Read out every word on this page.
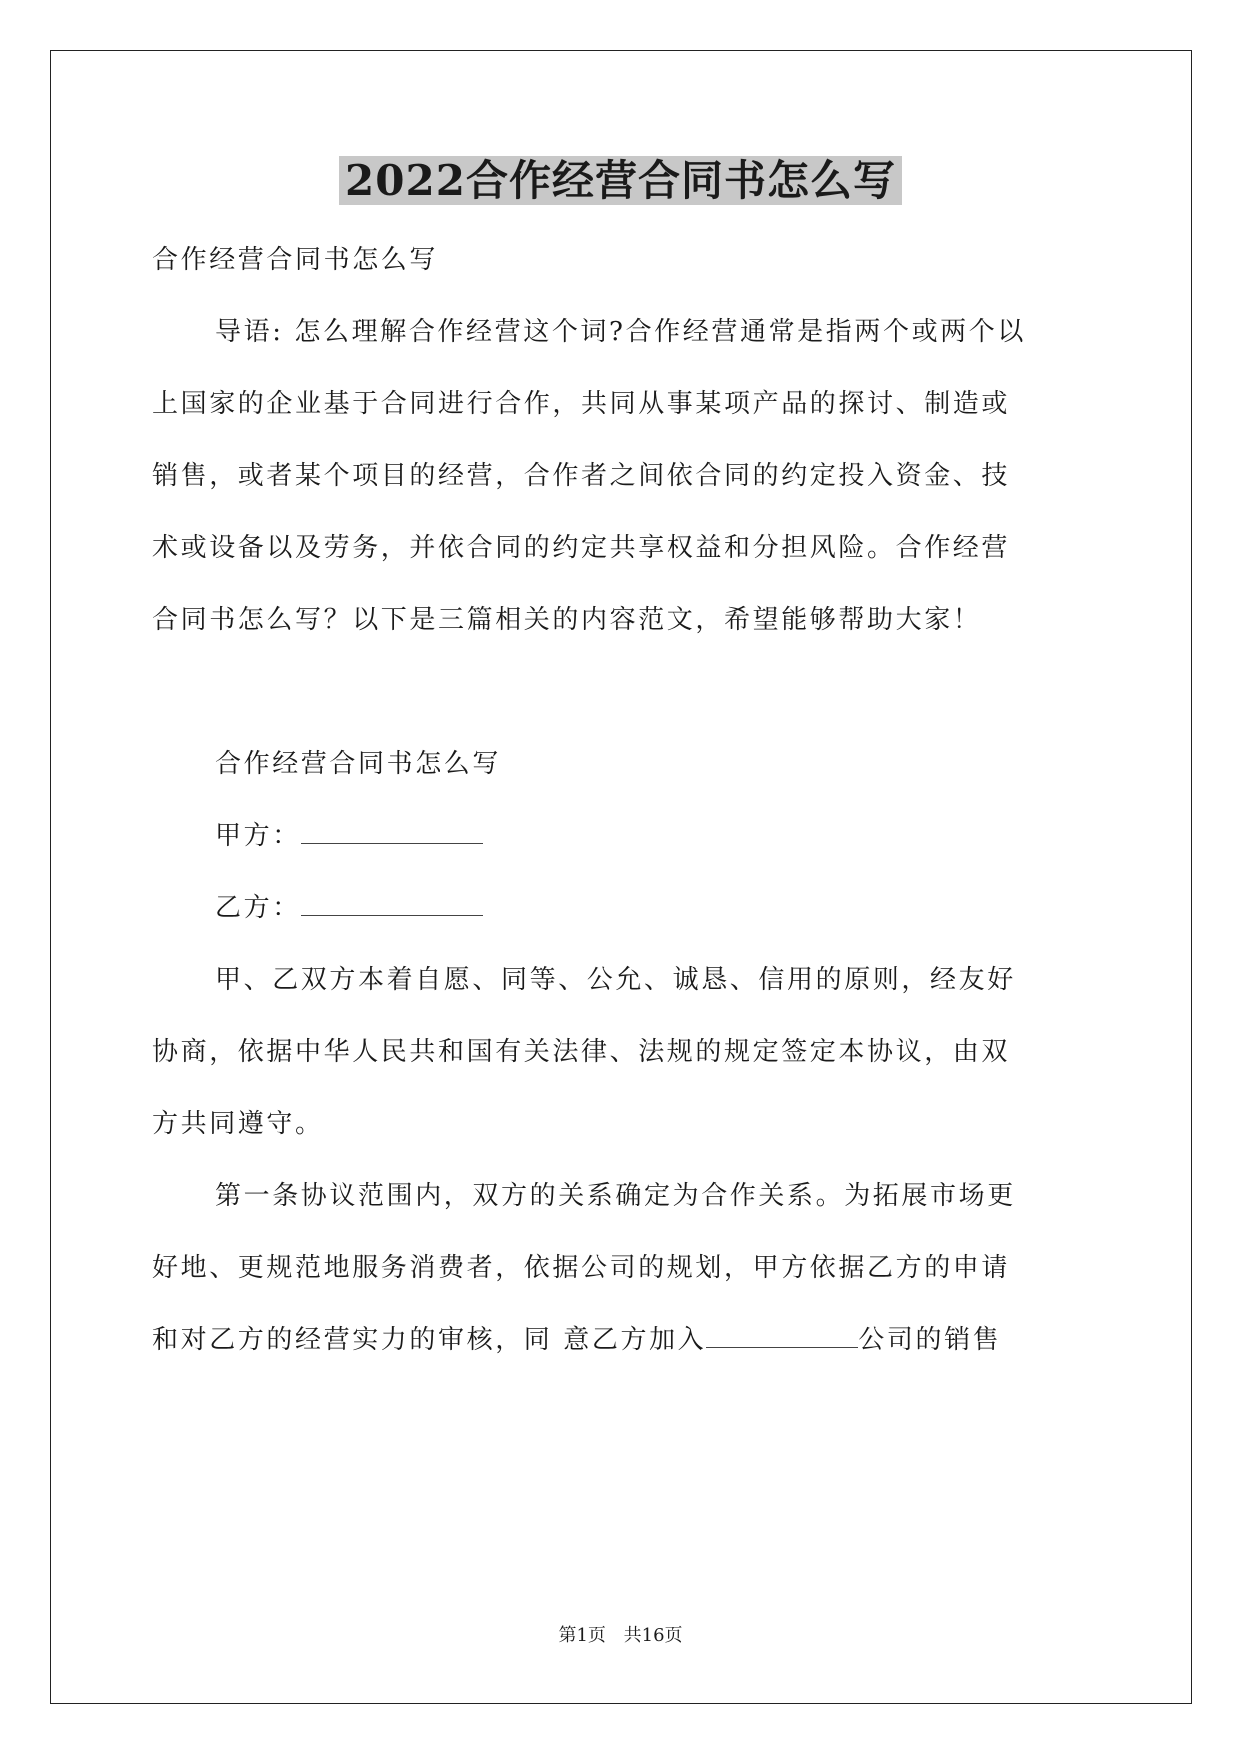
2022合作经营合同书怎么写
合作经营合同书怎么写
导语: 怎么理解合作经营这个词?合作经营通常是指两个或两个以
上国家的企业基于合同进行合作，共同从事某项产品的探讨、制造或
销售，或者某个项目的经营，合作者之间依合同的约定投入资金、技
术或设备以及劳务，并依合同的约定共享权益和分担风险。合作经营
合同书怎么写？以下是三篇相关的内容范文，希望能够帮助大家！
合作经营合同书怎么写
甲方：
乙方：
甲、乙双方本着自愿、同等、公允、诚恳、信用的原则，经友好
协商，依据中华人民共和国有关法律、法规的规定签定本协议，由双
方共同遵守。
第一条协议范围内，双方的关系确定为合作关系。为拓展市场更
好地、更规范地服务消费者，依据公司的规划，甲方依据乙方的申请
和对乙方的经营实力的审核，同 意乙方加入	公司的销售
第1页 共16页
